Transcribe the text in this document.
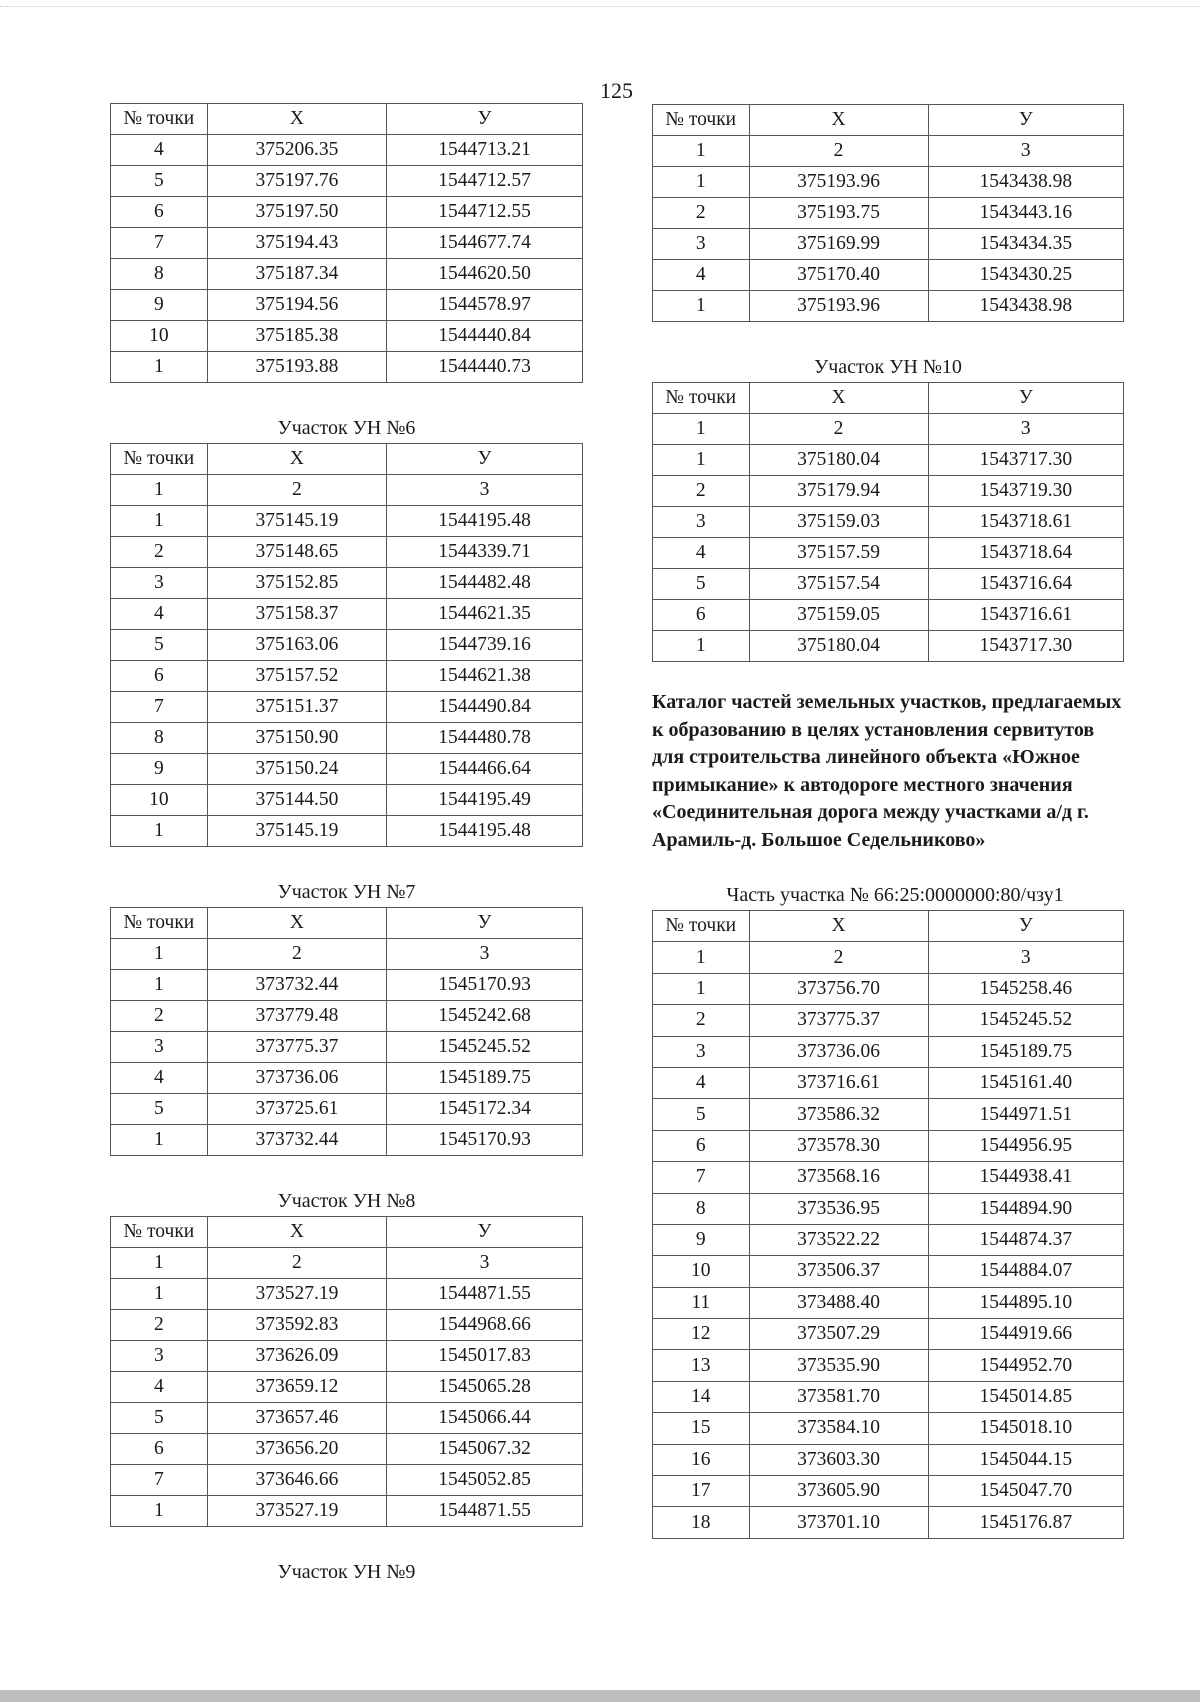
125
№ точки	X	У
4	375206.35	1544713.21
5	375197.76	1544712.57
6	375197.50	1544712.55
7	375194.43	1544677.74
8	375187.34	1544620.50
9	375194.56	1544578.97
10	375185.38	1544440.84
1	375193.88	1544440.73
Участок УН №6
№ точки	X	У
1	2	3
1	375145.19	1544195.48
2	375148.65	1544339.71
3	375152.85	1544482.48
4	375158.37	1544621.35
5	375163.06	1544739.16
6	375157.52	1544621.38
7	375151.37	1544490.84
8	375150.90	1544480.78
9	375150.24	1544466.64
10	375144.50	1544195.49
1	375145.19	1544195.48
Участок УН №7
№ точки	X	У
1	2	3
1	373732.44	1545170.93
2	373779.48	1545242.68
3	373775.37	1545245.52
4	373736.06	1545189.75
5	373725.61	1545172.34
1	373732.44	1545170.93
Участок УН №8
№ точки	X	У
1	2	3
1	373527.19	1544871.55
2	373592.83	1544968.66
3	373626.09	1545017.83
4	373659.12	1545065.28
5	373657.46	1545066.44
6	373656.20	1545067.32
7	373646.66	1545052.85
1	373527.19	1544871.55
Участок УН №9
№ точки	X	У
1	2	3
1	375193.96	1543438.98
2	375193.75	1543443.16
3	375169.99	1543434.35
4	375170.40	1543430.25
1	375193.96	1543438.98
Участок УН №10
№ точки	X	У
1	2	3
1	375180.04	1543717.30
2	375179.94	1543719.30
3	375159.03	1543718.61
4	375157.59	1543718.64
5	375157.54	1543716.64
6	375159.05	1543716.61
1	375180.04	1543717.30
Каталог частей земельных участков, предлагаемых к образованию в целях установления сервитутов для строительства линейного объекта «Южное примыкание» к автодороге местного значения «Соединительная дорога между участками а/д г. Арамиль-д. Большое Седельниково»
Часть участка № 66:25:0000000:80/чзу1
№ точки	X	У
1	2	3
1	373756.70	1545258.46
2	373775.37	1545245.52
3	373736.06	1545189.75
4	373716.61	1545161.40
5	373586.32	1544971.51
6	373578.30	1544956.95
7	373568.16	1544938.41
8	373536.95	1544894.90
9	373522.22	1544874.37
10	373506.37	1544884.07
11	373488.40	1544895.10
12	373507.29	1544919.66
13	373535.90	1544952.70
14	373581.70	1545014.85
15	373584.10	1545018.10
16	373603.30	1545044.15
17	373605.90	1545047.70
18	373701.10	1545176.87
